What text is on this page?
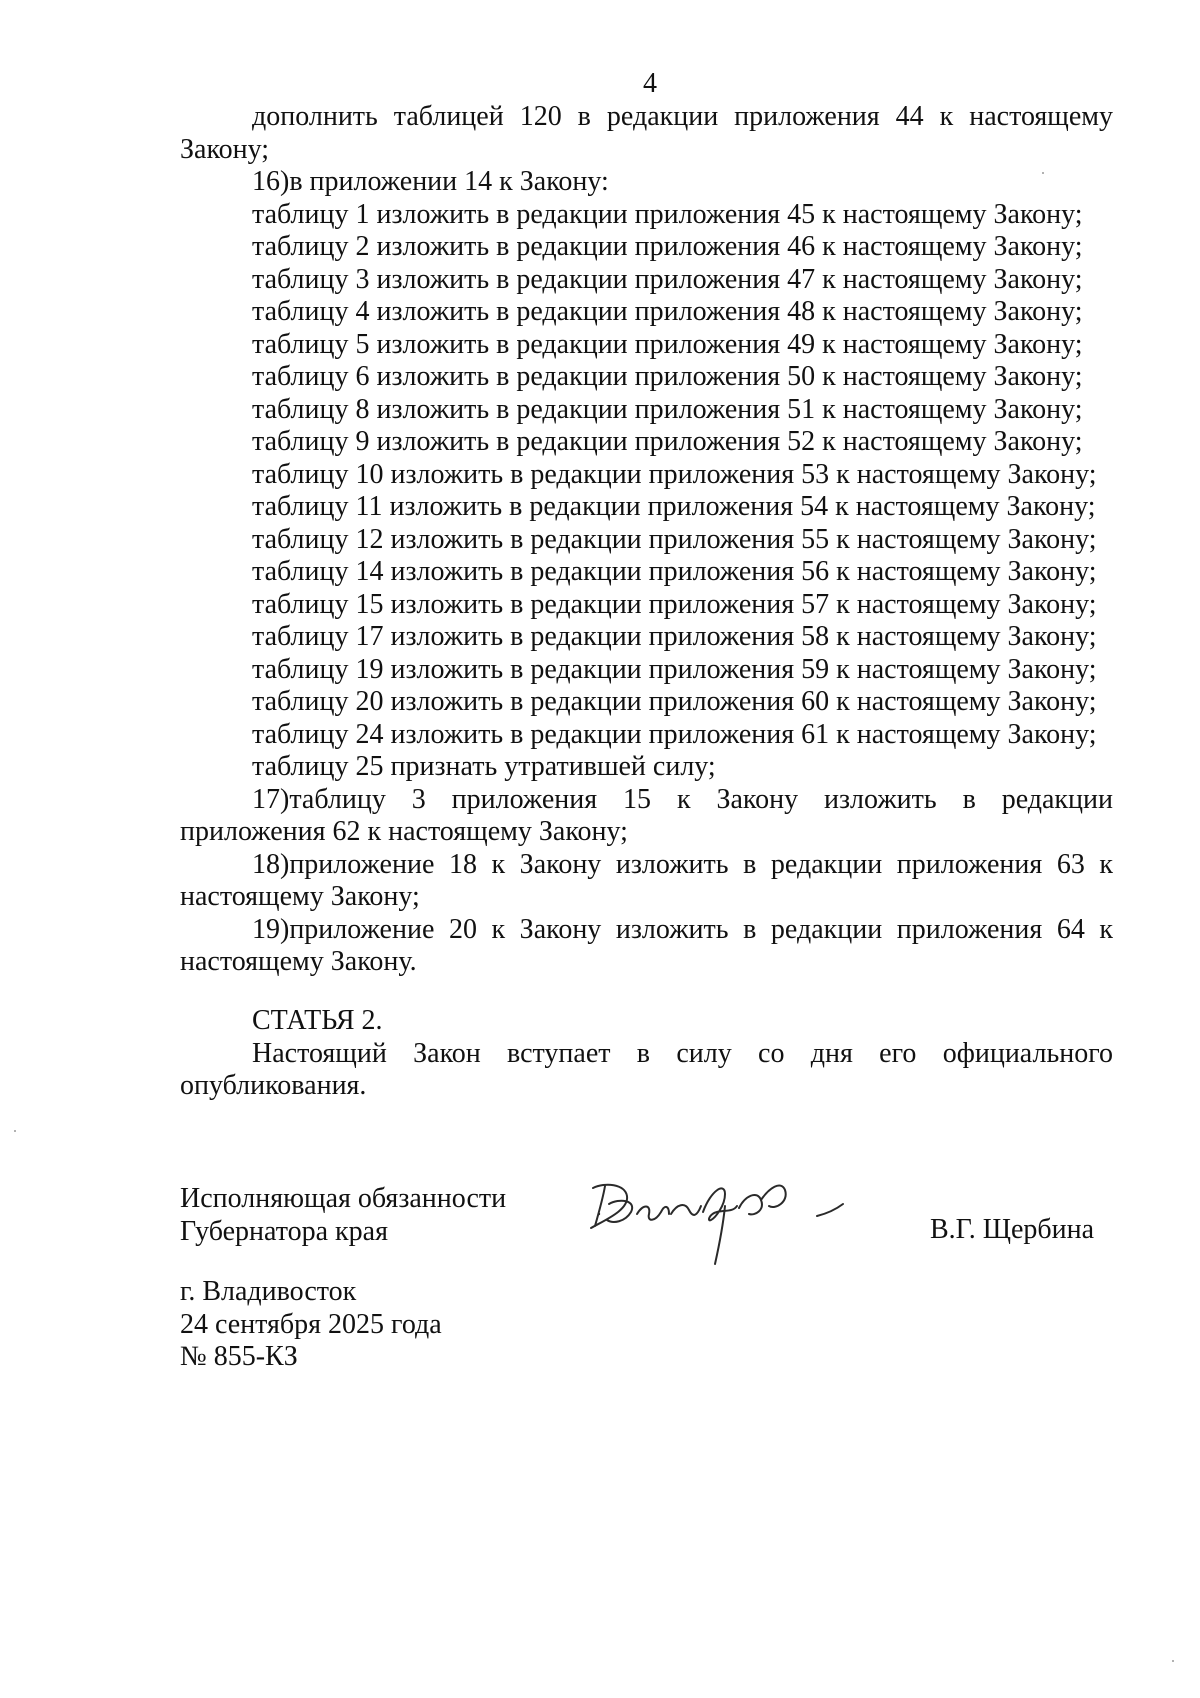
4

дополнить таблицей 120 в редакции приложения 44 к настоящему Закону;

16)в приложении 14 к Закону:

таблицу 1 изложить в редакции приложения 45 к настоящему Закону;

таблицу 2 изложить в редакции приложения 46 к настоящему Закону;

таблицу 3 изложить в редакции приложения 47 к настоящему Закону;

таблицу 4 изложить в редакции приложения 48 к настоящему Закону;

таблицу 5 изложить в редакции приложения 49 к настоящему Закону;

таблицу 6 изложить в редакции приложения 50 к настоящему Закону;

таблицу 8 изложить в редакции приложения 51 к настоящему Закону;

таблицу 9 изложить в редакции приложения 52 к настоящему Закону;

таблицу 10 изложить в редакции приложения 53 к настоящему Закону;

таблицу 11 изложить в редакции приложения 54 к настоящему Закону;

таблицу 12 изложить в редакции приложения 55 к настоящему Закону;

таблицу 14 изложить в редакции приложения 56 к настоящему Закону;

таблицу 15 изложить в редакции приложения 57 к настоящему Закону;

таблицу 17 изложить в редакции приложения 58 к настоящему Закону;

таблицу 19 изложить в редакции приложения 59 к настоящему Закону;

таблицу 20 изложить в редакции приложения 60 к настоящему Закону;

таблицу 24 изложить в редакции приложения 61 к настоящему Закону;

таблицу 25 признать утратившей силу;

17)таблицу 3 приложения 15 к Закону изложить в редакции приложения 62 к настоящему Закону;

18)приложение 18 к Закону изложить в редакции приложения 63 к настоящему Закону;

19)приложение 20 к Закону изложить в редакции приложения 64 к настоящему Закону.

СТАТЬЯ 2.

Настоящий Закон вступает в силу со дня его официального опубликования.

Исполняющая обязанности
Губернатора края	В.Г. Щербина
г. Владивосток
24 сентября 2025 года
№ 855-КЗ
